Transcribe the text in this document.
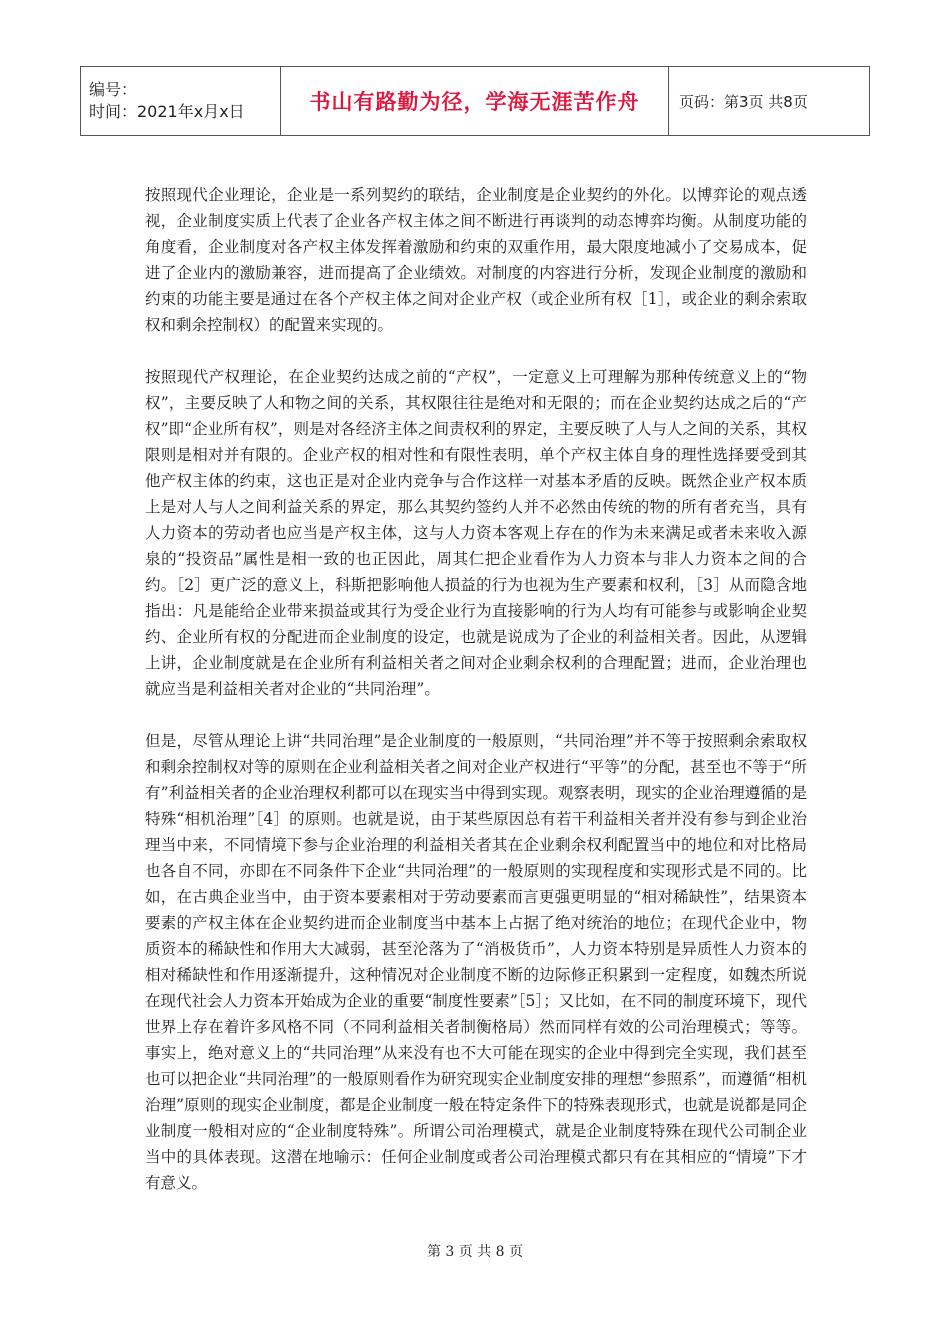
编号：
时间：2021年x月x日	书山有路勤为径，学海无涯苦作舟	页码：第3页 共8页

按照现代企业理论，企业是一系列契约的联结，企业制度是企业契约的外化。以博弈论的观点透视，企业制度实质上代表了企业各产权主体之间不断进行再谈判的动态博弈均衡。从制度功能的角度看，企业制度对各产权主体发挥着激励和约束的双重作用，最大限度地减小了交易成本，促进了企业内的激励兼容，进而提高了企业绩效。对制度的内容进行分析，发现企业制度的激励和约束的功能主要是通过在各个产权主体之间对企业产权（或企业所有权［1］，或企业的剩余索取权和剩余控制权）的配置来实现的。

按照现代产权理论，在企业契约达成之前的“产权”，一定意义上可理解为那种传统意义上的“物权”，主要反映了人和物之间的关系，其权限往往是绝对和无限的；而在企业契约达成之后的“产权”即“企业所有权”，则是对各经济主体之间责权利的界定，主要反映了人与人之间的关系，其权限则是相对并有限的。企业产权的相对性和有限性表明，单个产权主体自身的理性选择要受到其他产权主体的约束，这也正是对企业内竞争与合作这样一对基本矛盾的反映。既然企业产权本质上是对人与人之间利益关系的界定，那么其契约签约人并不必然由传统的物的所有者充当，具有人力资本的劳动者也应当是产权主体，这与人力资本客观上存在的作为未来满足或者未来收入源泉的“投资品”属性是相一致的也正因此，周其仁把企业看作为人力资本与非人力资本之间的合约。［2］更广泛的意义上，科斯把影响他人损益的行为也视为生产要素和权利，［3］从而隐含地指出：凡是能给企业带来损益或其行为受企业行为直接影响的行为人均有可能参与或影响企业契约、企业所有权的分配进而企业制度的设定，也就是说成为了企业的利益相关者。因此，从逻辑上讲，企业制度就是在企业所有利益相关者之间对企业剩余权利的合理配置；进而，企业治理也就应当是利益相关者对企业的“共同治理”。

但是，尽管从理论上讲“共同治理”是企业制度的一般原则，“共同治理”并不等于按照剩余索取权和剩余控制权对等的原则在企业利益相关者之间对企业产权进行“平等”的分配，甚至也不等于“所有”利益相关者的企业治理权利都可以在现实当中得到实现。观察表明，现实的企业治理遵循的是特殊“相机治理”［4］的原则。也就是说，由于某些原因总有若干利益相关者并没有参与到企业治理当中来，不同情境下参与企业治理的利益相关者其在企业剩余权利配置当中的地位和对比格局也各自不同，亦即在不同条件下企业“共同治理”的一般原则的实现程度和实现形式是不同的。比如，在古典企业当中，由于资本要素相对于劳动要素而言更强更明显的“相对稀缺性”，结果资本要素的产权主体在企业契约进而企业制度当中基本上占据了绝对统治的地位；在现代企业中，物质资本的稀缺性和作用大大减弱，甚至沦落为了“消极货币”，人力资本特别是异质性人力资本的相对稀缺性和作用逐渐提升，这种情况对企业制度不断的边际修正积累到一定程度，如魏杰所说在现代社会人力资本开始成为企业的重要“制度性要素”［5］；又比如，在不同的制度环境下，现代世界上存在着许多风格不同（不同利益相关者制衡格局）然而同样有效的公司治理模式；等等。事实上，绝对意义上的“共同治理”从来没有也不大可能在现实的企业中得到完全实现，我们甚至也可以把企业“共同治理”的一般原则看作为研究现实企业制度安排的理想“参照系”，而遵循“相机治理”原则的现实企业制度，都是企业制度一般在特定条件下的特殊表现形式，也就是说都是同企业制度一般相对应的“企业制度特殊”。所谓公司治理模式，就是企业制度特殊在现代公司制企业当中的具体表现。这潜在地喻示：任何企业制度或者公司治理模式都只有在其相应的“情境”下才有意义。

第 3 页 共 8 页
